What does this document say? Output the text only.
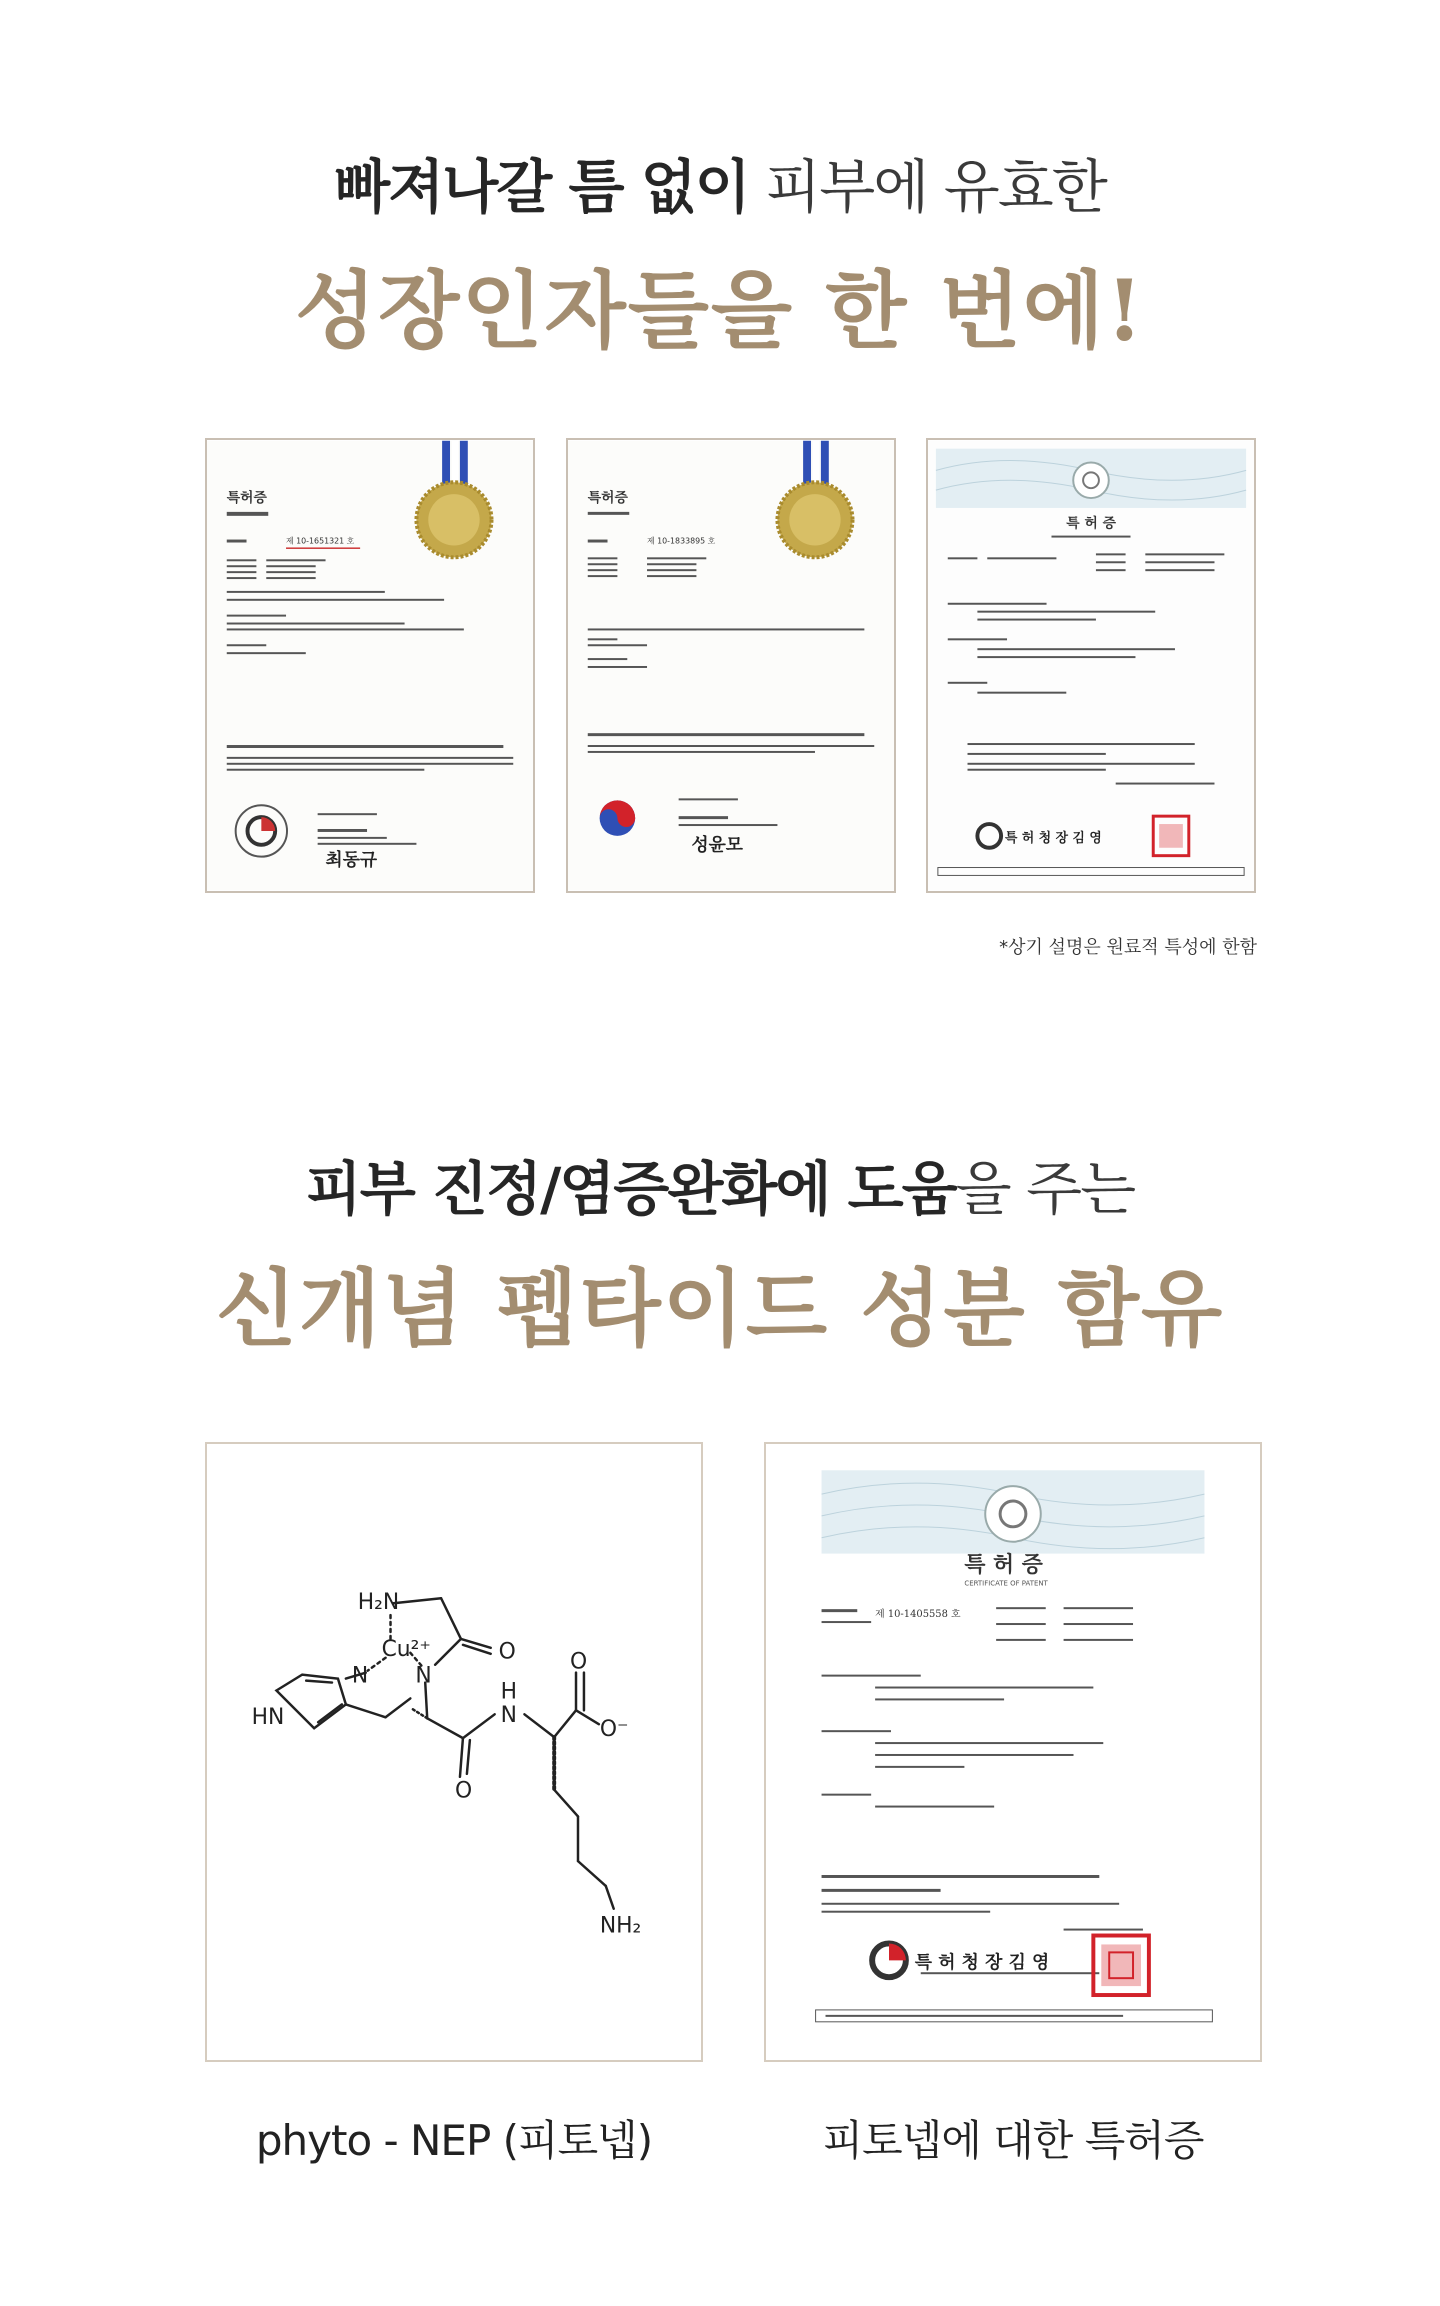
빠져나갈 틈 없이 피부에 유효한
성장인자들을 한 번에!
특허증
제 10-1651321 호
최동규
특허증
제 10-1833895 호
성윤모
특 허 증
특 허 청 장 김 영
*상기 설명은 원료적 특성에 한함
피부 진정/염증완화에 도움을 주는
신개념 펩타이드 성분 함유
H₂N
Cu²⁺
HN
N N
O
O
O
O⁻
H
N
NH₂
특 허 증
CERTIFICATE OF PATENT
제 10-1405558 호
특 허 청 장 김 영
phyto - NEP (피토넵)	피토넵에 대한 특허증
